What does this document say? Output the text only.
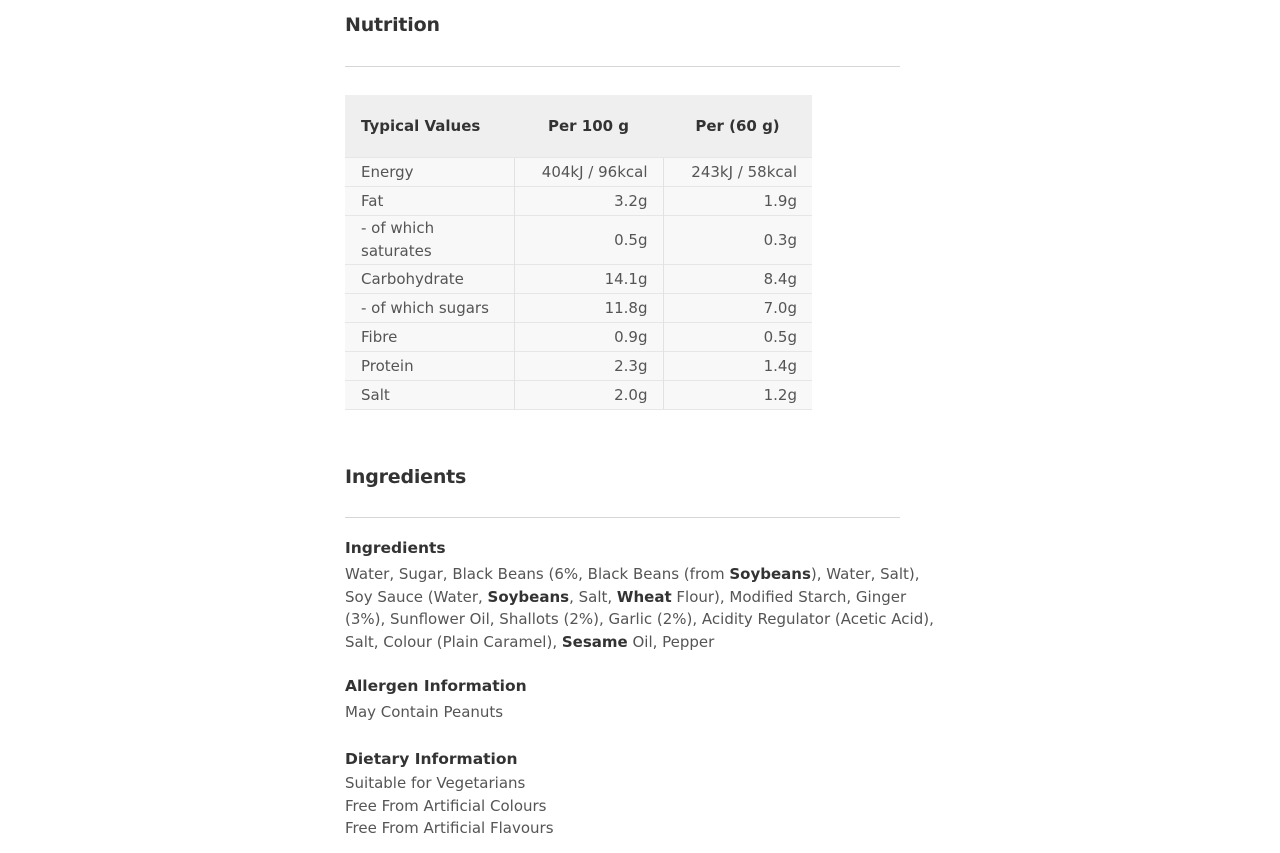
Nutrition
Typical Values	Per 100 g	Per (60 g)
Energy	404kJ / 96kcal	243kJ / 58kcal
Fat	3.2g	1.9g
- of which saturates	0.5g	0.3g
Carbohydrate	14.1g	8.4g
- of which sugars	11.8g	7.0g
Fibre	0.9g	0.5g
Protein	2.3g	1.4g
Salt	2.0g	1.2g
Ingredients
Ingredients

Water, Sugar, Black Beans (6%, Black Beans (from Soybeans), Water, Salt), Soy Sauce (Water, Soybeans, Salt, Wheat Flour), Modified Starch, Ginger (3%), Sunflower Oil, Shallots (2%), Garlic (2%), Acidity Regulator (Acetic Acid), Salt, Colour (Plain Caramel), Sesame Oil, Pepper

Allergen Information

May Contain Peanuts

Dietary Information
Suitable for Vegetarians
Free From Artificial Colours
Free From Artificial Flavours
